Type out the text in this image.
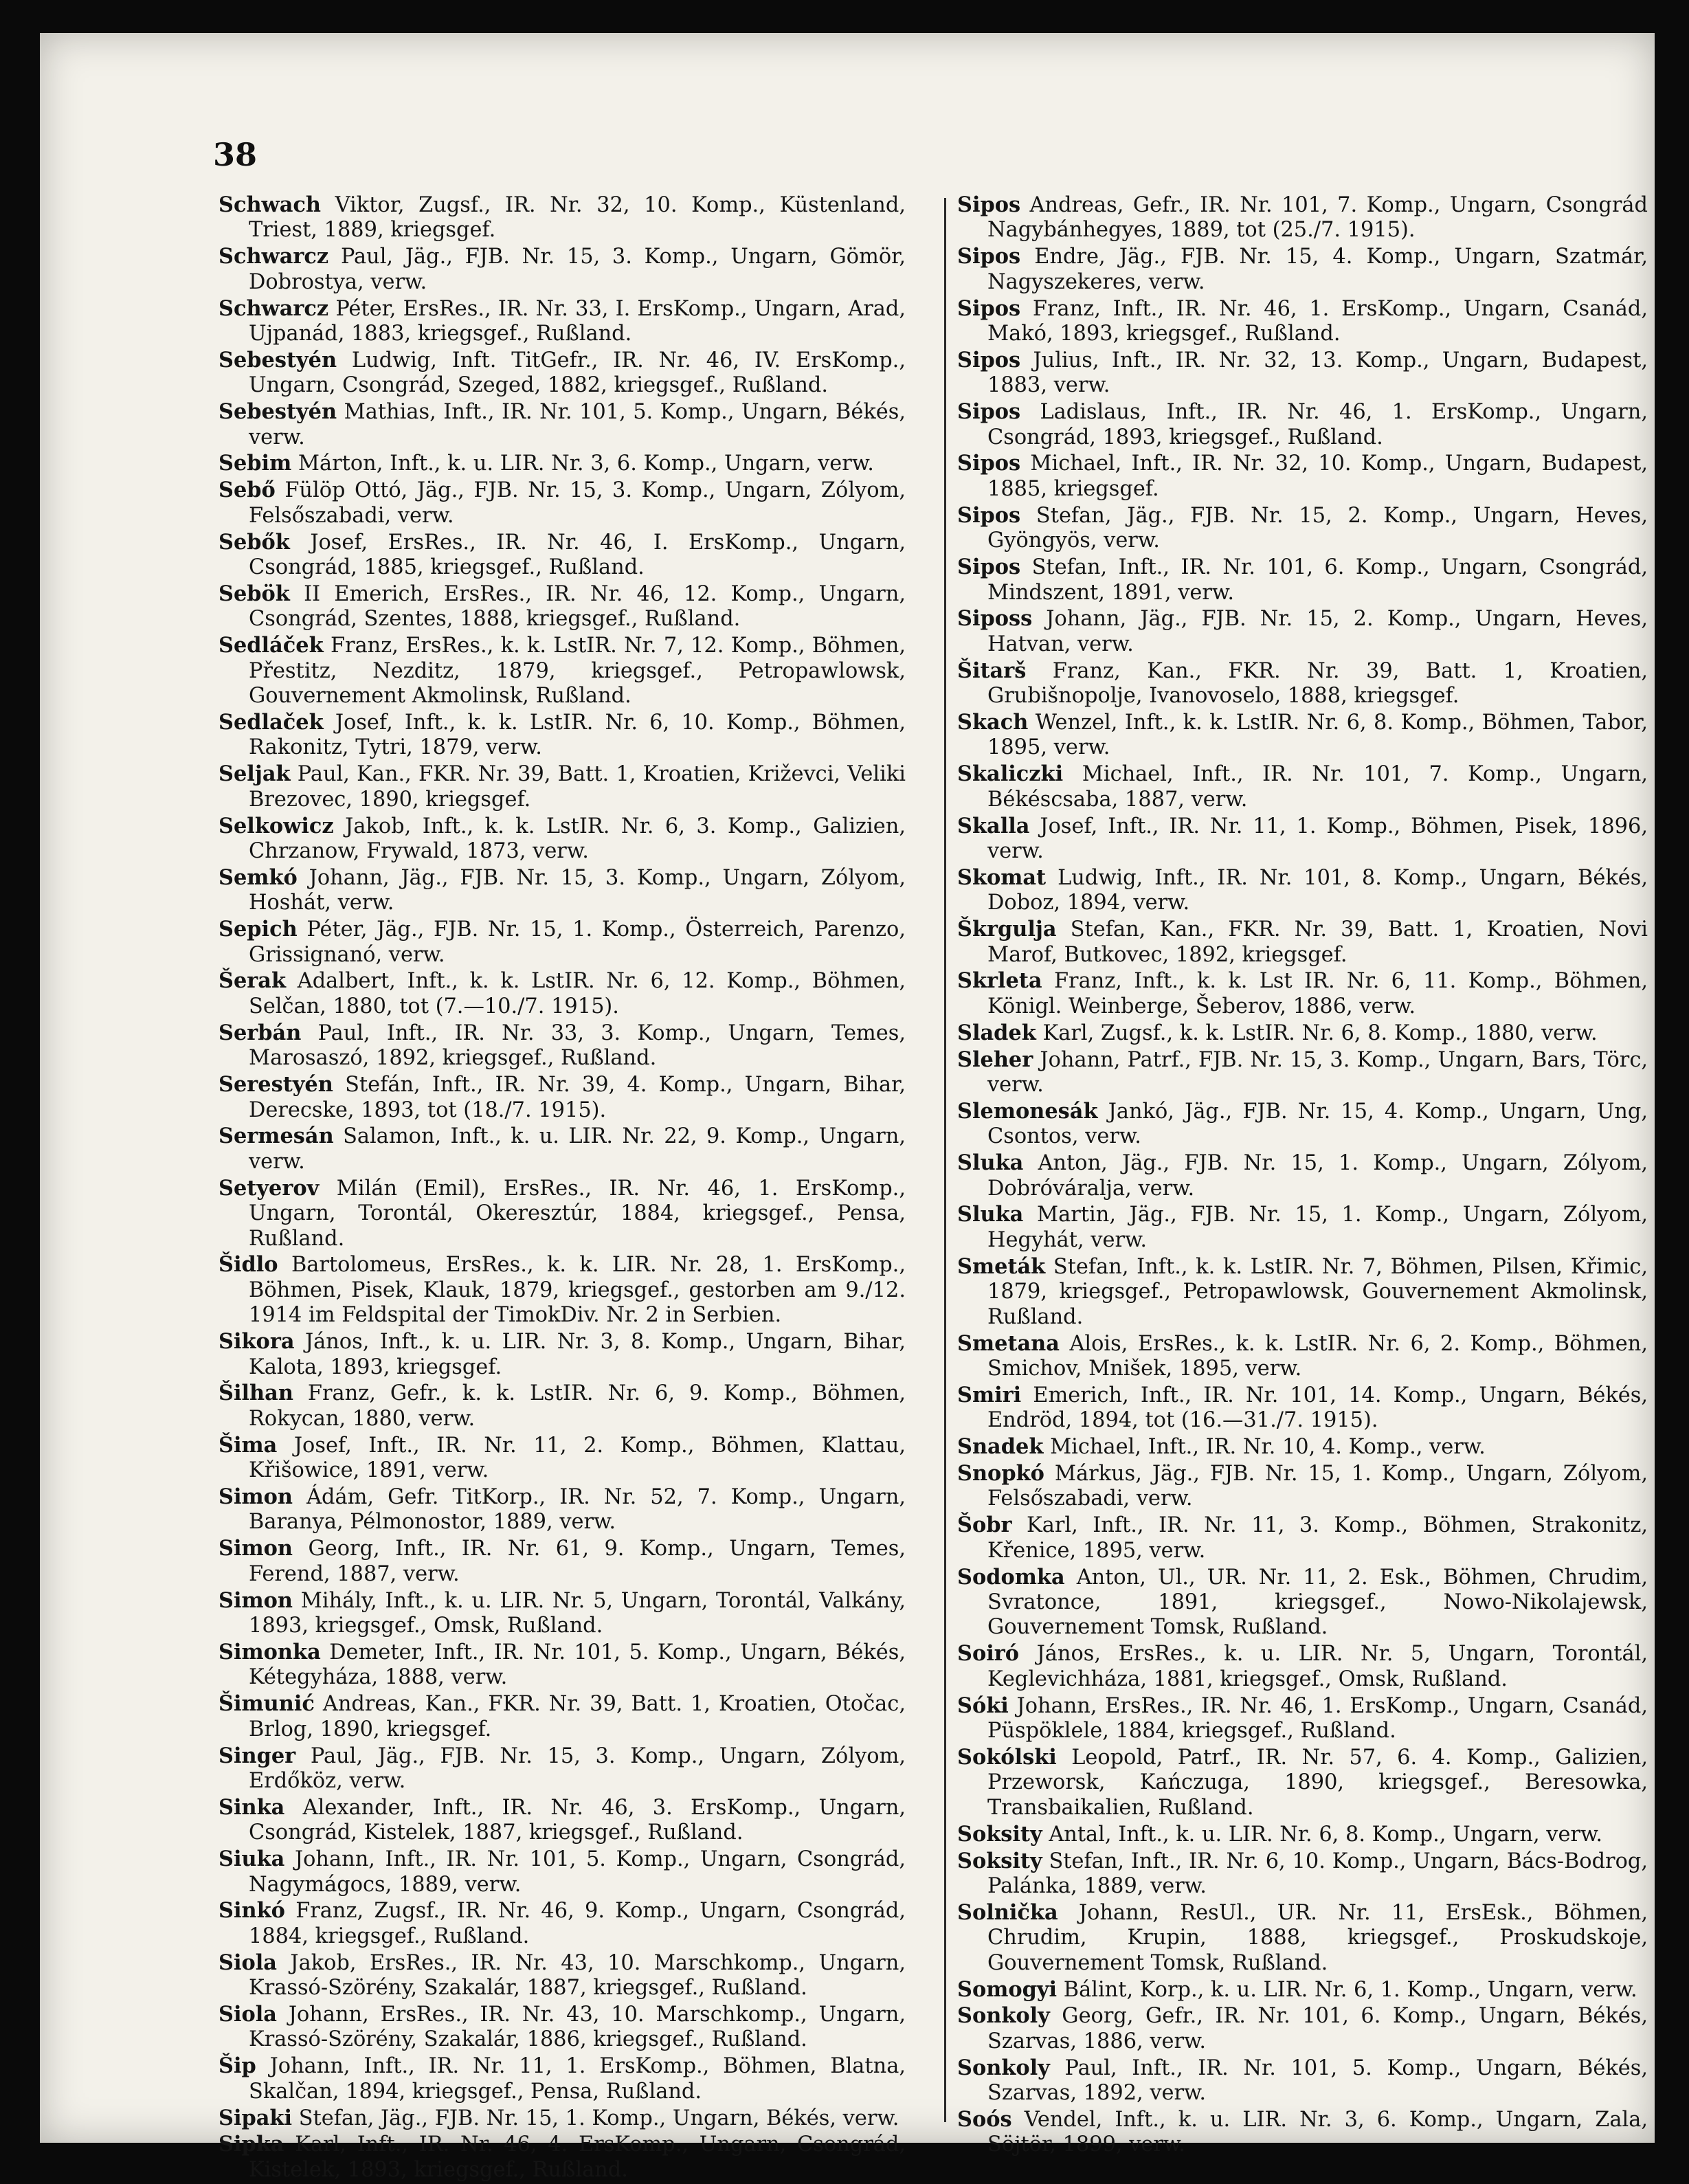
38

Schwach Viktor, Zugsf., IR. Nr. 32, 10. Komp., Küstenland, Triest, 1889, kriegsgef.

Schwarcz Paul, Jäg., FJB. Nr. 15, 3. Komp., Ungarn, Gömör, Dobrostya, verw.

Schwarcz Péter, ErsRes., IR. Nr. 33, I. ErsKomp., Ungarn, Arad, Ujpanád, 1883, kriegsgef., Rußland.

Sebestyén Ludwig, Inft. TitGefr., IR. Nr. 46, IV. ErsKomp., Ungarn, Csongrád, Szeged, 1882, kriegsgef., Rußland.

Sebestyén Mathias, Inft., IR. Nr. 101, 5. Komp., Ungarn, Békés, verw.

Sebim Márton, Inft., k. u. LIR. Nr. 3, 6. Komp., Ungarn, verw.

Sebő Fülöp Ottó, Jäg., FJB. Nr. 15, 3. Komp., Ungarn, Zólyom, Felsőszabadi, verw.

Sebők Josef, ErsRes., IR. Nr. 46, I. ErsKomp., Ungarn, Csongrád, 1885, kriegsgef., Rußland.

Sebök II Emerich, ErsRes., IR. Nr. 46, 12. Komp., Ungarn, Csongrád, Szentes, 1888, kriegsgef., Rußland.

Sedláček Franz, ErsRes., k. k. LstIR. Nr. 7, 12. Komp., Böhmen, Přestitz, Nezditz, 1879, kriegsgef., Petropawlowsk, Gouvernement Akmolinsk, Rußland.

Sedlaček Josef, Inft., k. k. LstIR. Nr. 6, 10. Komp., Böhmen, Rakonitz, Tytri, 1879, verw.

Seljak Paul, Kan., FKR. Nr. 39, Batt. 1, Kroatien, Križevci, Veliki Brezovec, 1890, kriegsgef.

Selkowicz Jakob, Inft., k. k. LstIR. Nr. 6, 3. Komp., Galizien, Chrzanow, Frywald, 1873, verw.

Semkó Johann, Jäg., FJB. Nr. 15, 3. Komp., Ungarn, Zólyom, Hoshát, verw.

Sepich Péter, Jäg., FJB. Nr. 15, 1. Komp., Österreich, Parenzo, Grissignanó, verw.

Šerak Adalbert, Inft., k. k. LstIR. Nr. 6, 12. Komp., Böhmen, Selčan, 1880, tot (7.—10./7. 1915).

Serbán Paul, Inft., IR. Nr. 33, 3. Komp., Ungarn, Temes, Marosaszó, 1892, kriegsgef., Rußland.

Serestyén Stefán, Inft., IR. Nr. 39, 4. Komp., Ungarn, Bihar, Derecske, 1893, tot (18./7. 1915).

Sermesán Salamon, Inft., k. u. LIR. Nr. 22, 9. Komp., Ungarn, verw.

Setyerov Milán (Emil), ErsRes., IR. Nr. 46, 1. ErsKomp., Ungarn, Torontál, Okeresztúr, 1884, kriegsgef., Pensa, Rußland.

Šidlo Bartolomeus, ErsRes., k. k. LIR. Nr. 28, 1. ErsKomp., Böhmen, Pisek, Klauk, 1879, kriegsgef., gestorben am 9./12. 1914 im Feldspital der TimokDiv. Nr. 2 in Serbien.

Sikora János, Inft., k. u. LIR. Nr. 3, 8. Komp., Ungarn, Bihar, Kalota, 1893, kriegsgef.

Šilhan Franz, Gefr., k. k. LstIR. Nr. 6, 9. Komp., Böhmen, Rokycan, 1880, verw.

Šima Josef, Inft., IR. Nr. 11, 2. Komp., Böhmen, Klattau, Křišowice, 1891, verw.

Simon Ádám, Gefr. TitKorp., IR. Nr. 52, 7. Komp., Ungarn, Baranya, Pélmonostor, 1889, verw.

Simon Georg, Inft., IR. Nr. 61, 9. Komp., Ungarn, Temes, Ferend, 1887, verw.

Simon Mihály, Inft., k. u. LIR. Nr. 5, Ungarn, Torontál, Valkány, 1893, kriegsgef., Omsk, Rußland.

Simonka Demeter, Inft., IR. Nr. 101, 5. Komp., Ungarn, Békés, Kétegyháza, 1888, verw.

Šimunić Andreas, Kan., FKR. Nr. 39, Batt. 1, Kroatien, Otočac, Brlog, 1890, kriegsgef.

Singer Paul, Jäg., FJB. Nr. 15, 3. Komp., Ungarn, Zólyom, Erdőköz, verw.

Sinka Alexander, Inft., IR. Nr. 46, 3. ErsKomp., Ungarn, Csongrád, Kistelek, 1887, kriegsgef., Rußland.

Siuka Johann, Inft., IR. Nr. 101, 5. Komp., Ungarn, Csongrád, Nagymágocs, 1889, verw.

Sinkó Franz, Zugsf., IR. Nr. 46, 9. Komp., Ungarn, Csongrád, 1884, kriegsgef., Rußland.

Siola Jakob, ErsRes., IR. Nr. 43, 10. Marschkomp., Ungarn, Krassó-Szörény, Szakalár, 1887, kriegsgef., Rußland.

Siola Johann, ErsRes., IR. Nr. 43, 10. Marschkomp., Ungarn, Krassó-Szörény, Szakalár, 1886, kriegsgef., Rußland.

Šip Johann, Inft., IR. Nr. 11, 1. ErsKomp., Böhmen, Blatna, Skalčan, 1894, kriegsgef., Pensa, Rußland.

Sipaki Stefan, Jäg., FJB. Nr. 15, 1. Komp., Ungarn, Békés, verw.

Sipka Karl, Inft., IR. Nr. 46, 4. ErsKomp., Ungarn, Csongrád, Kistelek, 1893, kriegsgef., Rußland.

Sipos Andreas, Gefr., IR. Nr. 101, 7. Komp., Ungarn, Csongrád Nagybánhegyes, 1889, tot (25./7. 1915).

Sipos Endre, Jäg., FJB. Nr. 15, 4. Komp., Ungarn, Szatmár, Nagyszekeres, verw.

Sipos Franz, Inft., IR. Nr. 46, 1. ErsKomp., Ungarn, Csanád, Makó, 1893, kriegsgef., Rußland.

Sipos Julius, Inft., IR. Nr. 32, 13. Komp., Ungarn, Budapest, 1883, verw.

Sipos Ladislaus, Inft., IR. Nr. 46, 1. ErsKomp., Ungarn, Csongrád, 1893, kriegsgef., Rußland.

Sipos Michael, Inft., IR. Nr. 32, 10. Komp., Ungarn, Budapest, 1885, kriegsgef.

Sipos Stefan, Jäg., FJB. Nr. 15, 2. Komp., Ungarn, Heves, Gyöngyös, verw.

Sipos Stefan, Inft., IR. Nr. 101, 6. Komp., Ungarn, Csongrád, Mindszent, 1891, verw.

Siposs Johann, Jäg., FJB. Nr. 15, 2. Komp., Ungarn, Heves, Hatvan, verw.

Šitarš Franz, Kan., FKR. Nr. 39, Batt. 1, Kroatien, Grubišnopolje, Ivanovoselo, 1888, kriegsgef.

Skach Wenzel, Inft., k. k. LstIR. Nr. 6, 8. Komp., Böhmen, Tabor, 1895, verw.

Skaliczki Michael, Inft., IR. Nr. 101, 7. Komp., Ungarn, Békéscsaba, 1887, verw.

Skalla Josef, Inft., IR. Nr. 11, 1. Komp., Böhmen, Pisek, 1896, verw.

Skomat Ludwig, Inft., IR. Nr. 101, 8. Komp., Ungarn, Békés, Doboz, 1894, verw.

Škrgulja Stefan, Kan., FKR. Nr. 39, Batt. 1, Kroatien, Novi Marof, Butkovec, 1892, kriegsgef.

Skrleta Franz, Inft., k. k. Lst IR. Nr. 6, 11. Komp., Böhmen, Königl. Weinberge, Šeberov, 1886, verw.

Sladek Karl, Zugsf., k. k. LstIR. Nr. 6, 8. Komp., 1880, verw.

Sleher Johann, Patrf., FJB. Nr. 15, 3. Komp., Ungarn, Bars, Törc, verw.

Slemonesák Jankó, Jäg., FJB. Nr. 15, 4. Komp., Ungarn, Ung, Csontos, verw.

Sluka Anton, Jäg., FJB. Nr. 15, 1. Komp., Ungarn, Zólyom, Dobróváralja, verw.

Sluka Martin, Jäg., FJB. Nr. 15, 1. Komp., Ungarn, Zólyom, Hegyhát, verw.

Smeták Stefan, Inft., k. k. LstIR. Nr. 7, Böhmen, Pilsen, Křimic, 1879, kriegsgef., Petropawlowsk, Gouvernement Akmolinsk, Rußland.

Smetana Alois, ErsRes., k. k. LstIR. Nr. 6, 2. Komp., Böhmen, Smichov, Mnišek, 1895, verw.

Smiri Emerich, Inft., IR. Nr. 101, 14. Komp., Ungarn, Békés, Endröd, 1894, tot (16.—31./7. 1915).

Snadek Michael, Inft., IR. Nr. 10, 4. Komp., verw.

Snopkó Márkus, Jäg., FJB. Nr. 15, 1. Komp., Ungarn, Zólyom, Felsőszabadi, verw.

Šobr Karl, Inft., IR. Nr. 11, 3. Komp., Böhmen, Strakonitz, Křenice, 1895, verw.

Sodomka Anton, Ul., UR. Nr. 11, 2. Esk., Böhmen, Chrudim, Svratonce, 1891, kriegsgef., Nowo-Nikolajewsk, Gouvernement Tomsk, Rußland.

Soiró János, ErsRes., k. u. LIR. Nr. 5, Ungarn, Torontál, Keglevichháza, 1881, kriegsgef., Omsk, Rußland.

Sóki Johann, ErsRes., IR. Nr. 46, 1. ErsKomp., Ungarn, Csanád, Püspöklele, 1884, kriegsgef., Rußland.

Sokólski Leopold, Patrf., IR. Nr. 57, 6. 4. Komp., Galizien, Przeworsk, Kańczuga, 1890, kriegsgef., Beresowka, Transbaikalien, Rußland.

Soksity Antal, Inft., k. u. LIR. Nr. 6, 8. Komp., Ungarn, verw.

Soksity Stefan, Inft., IR. Nr. 6, 10. Komp., Ungarn, Bács-Bodrog, Palánka, 1889, verw.

Solnička Johann, ResUl., UR. Nr. 11, ErsEsk., Böhmen, Chrudim, Krupin, 1888, kriegsgef., Proskudskoje, Gouvernement Tomsk, Rußland.

Somogyi Bálint, Korp., k. u. LIR. Nr. 6, 1. Komp., Ungarn, verw.

Sonkoly Georg, Gefr., IR. Nr. 101, 6. Komp., Ungarn, Békés, Szarvas, 1886, verw.

Sonkoly Paul, Inft., IR. Nr. 101, 5. Komp., Ungarn, Békés, Szarvas, 1892, verw.

Soós Vendel, Inft., k. u. LIR. Nr. 3, 6. Komp., Ungarn, Zala, Söjtör, 1899, verw.
